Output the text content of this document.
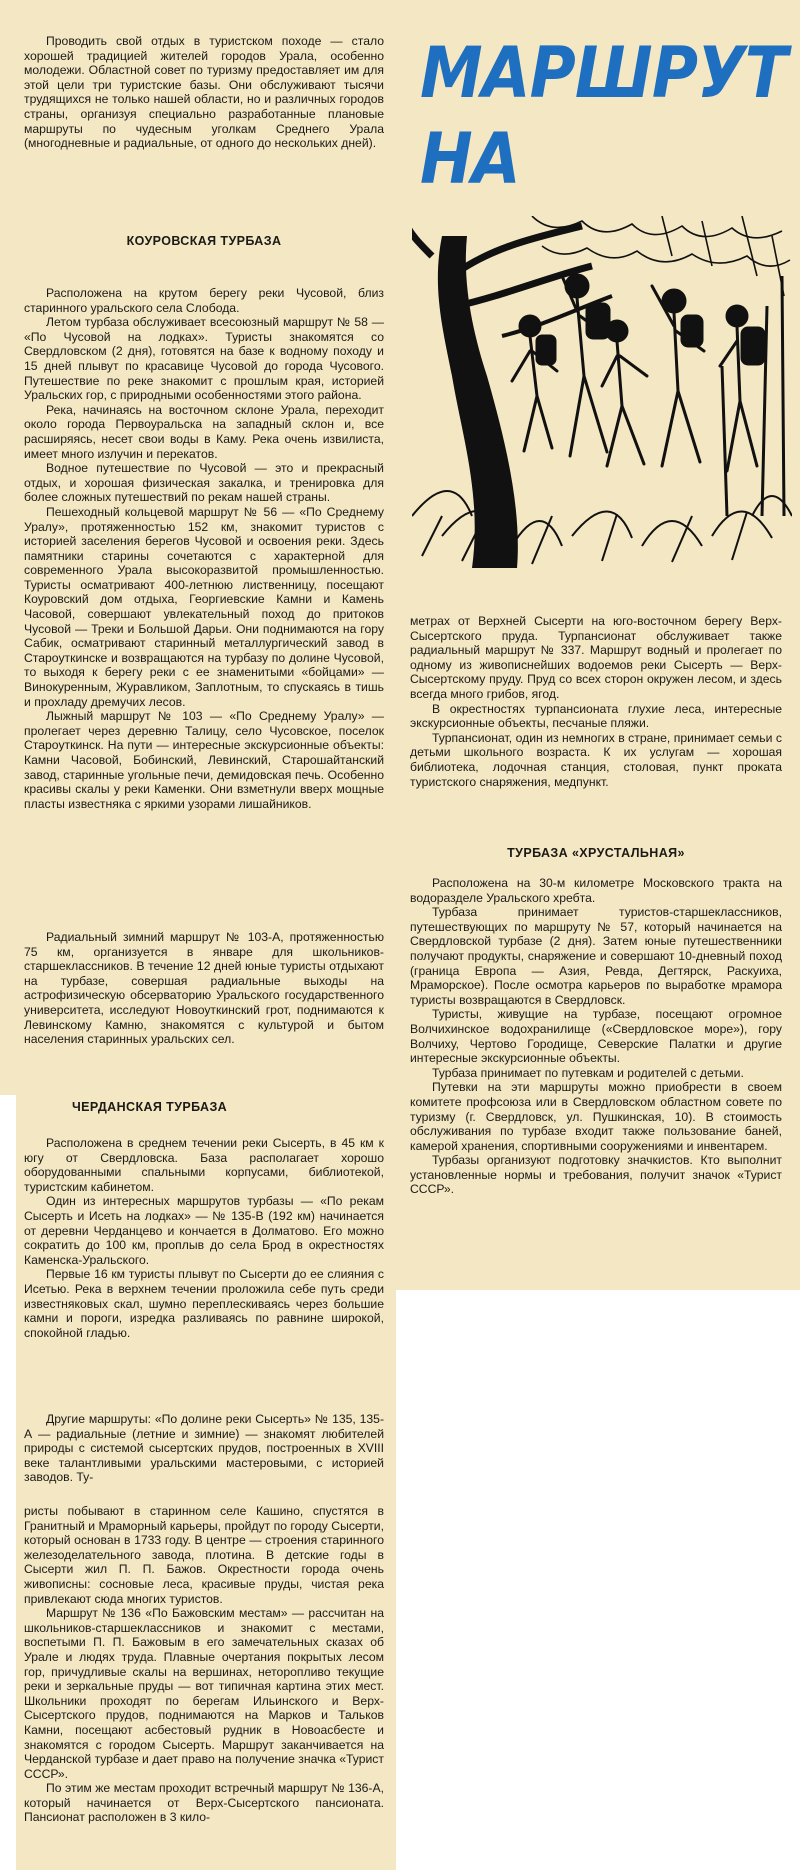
МАРШРУТ
НА

Проводить свой отдых в туристском походе — стало хорошей традицией жителей городов Урала, особенно молодежи. Областной совет по туризму предоставляет им для этой цели три туристские базы. Они обслуживают тысячи трудящихся не только нашей области, но и различных городов страны, организуя специально разработанные плановые маршруты по чудесным уголкам Среднего Урала (многодневные и радиальные, от одного до нескольких дней).

КОУРОВСКАЯ ТУРБАЗА

Расположена на крутом берегу реки Чусовой, близ старинного уральского села Слобода.

Летом турбаза обслуживает всесоюзный маршрут № 58 — «По Чусовой на лодках». Туристы знакомятся со Свердловском (2 дня), готовятся на базе к водному походу и 15 дней плывут по красавице Чусовой до города Чусового. Путешествие по реке знакомит с прошлым края, историей Уральских гор, с природными особенностями этого района.

Река, начинаясь на восточном склоне Урала, переходит около города Первоуральска на западный склон и, все расширяясь, несет свои воды в Каму. Река очень извилиста, имеет много излучин и перекатов.

Водное путешествие по Чусовой — это и прекрасный отдых, и хорошая физическая закалка, и тренировка для более сложных путешествий по рекам нашей страны.

Пешеходный кольцевой маршрут № 56 — «По Среднему Уралу», протяженностью 152 км, знакомит туристов с историей заселения берегов Чусовой и освоения реки. Здесь памятники старины сочетаются с характерной для современного Урала высокоразвитой промышленностью. Туристы осматривают 400-летнюю лиственницу, посещают Коуровский дом отдыха, Георгиевские Камни и Камень Часовой, совершают увлекательный поход до притоков Чусовой — Треки и Большой Дарьи. Они поднимаются на гору Сабик, осматривают старинный металлургический завод в Староуткинске и возвращаются на турбазу по долине Чусовой, то выходя к берегу реки с ее знаменитыми «бойцами» — Винокуренным, Журавликом, Заплотным, то спускаясь в тишь и прохладу дремучих лесов.

Лыжный маршрут № 103 — «По Среднему Уралу» — пролегает через деревню Талицу, село Чусовское, поселок Староуткинск. На пути — интересные экскурсионные объекты: Камни Часовой, Бобинский, Левинский, Старошайтанский завод, старинные угольные печи, демидовская печь. Особенно красивы скалы у реки Каменки. Они взметнули вверх мощные пласты известняка с яркими узорами лишайников.

Радиальный зимний маршрут № 103-А, протяженностью 75 км, организуется в январе для школьников-старшеклассников. В течение 12 дней юные туристы отдыхают на турбазе, совершая радиальные выходы на астрофизическую обсерваторию Уральского государственного университета, исследуют Новоуткинский грот, поднимаются к Левинскому Камню, знакомятся с культурой и бытом населения старинных уральских сел.

ЧЕРДАНСКАЯ ТУРБАЗА

Расположена в среднем течении реки Сысерть, в 45 км к югу от Свердловска. База располагает хорошо оборудованными спальными корпусами, библиотекой, туристским кабинетом.

Один из интересных маршрутов турбазы — «По рекам Сысерть и Исеть на лодках» — № 135-В (192 км) начинается от деревни Черданцево и кончается в Долматово. Его можно сократить до 100 км, проплыв до села Брод в окрестностях Каменска-Уральского.

Первые 16 км туристы плывут по Сысерти до ее слияния с Исетью. Река в верхнем течении проложила себе путь среди известняковых скал, шумно переплескиваясь через большие камни и пороги, изредка разливаясь по равнине широкой, спокойной гладью.

Другие маршруты: «По долине реки Сысерть» № 135, 135-А — радиальные (летние и зимние) — знакомят любителей природы с системой сысертских прудов, построенных в XVIII веке талантливыми уральскими мастеровыми, с историей заводов. Ту-

ристы побывают в старинном селе Кашино, спустятся в Гранитный и Мраморный карьеры, пройдут по городу Сысерти, который основан в 1733 году. В центре — строения старинного железоделательного завода, плотина. В детские годы в Сысерти жил П. П. Бажов. Окрестности города очень живописны: сосновые леса, красивые пруды, чистая река привлекают сюда многих туристов.

Маршрут № 136 «По Бажовским местам» — рассчитан на школьников-старшеклассников и знакомит с местами, воспетыми П. П. Бажовым в его замечательных сказах об Урале и людях труда. Плавные очертания покрытых лесом гор, причудливые скалы на вершинах, неторопливо текущие реки и зеркальные пруды — вот типичная картина этих мест. Школьники проходят по берегам Ильинского и Верх-Сысертского прудов, поднимаются на Марков и Тальков Камни, посещают асбестовый рудник в Новоасбесте и знакомятся с городом Сысерть. Маршрут заканчивается на Черданской турбазе и дает право на получение значка «Турист СССР».

По этим же местам проходит встречный маршрут № 136-А, который начинается от Верх-Сысертского пансионата. Пансионат расположен в 3 кило-

метрах от Верхней Сысерти на юго-восточном берегу Верх-Сысертского пруда. Турпансионат обслуживает также радиальный маршрут № 337. Маршрут водный и пролегает по одному из живописнейших водоемов реки Сысерть — Верх-Сысертскому пруду. Пруд со всех сторон окружен лесом, и здесь всегда много грибов, ягод.

В окрестностях турпансионата глухие леса, интересные экскурсионные объекты, песчаные пляжи.

Турпансионат, один из немногих в стране, принимает семьи с детьми школьного возраста. К их услугам — хорошая библиотека, лодочная станция, столовая, пункт проката туристского снаряжения, медпункт.

ТУРБАЗА «ХРУСТАЛЬНАЯ»

Расположена на 30-м километре Московского тракта на водоразделе Уральского хребта.

Турбаза принимает туристов-старшеклассников, путешествующих по маршруту № 57, который начинается на Свердловской турбазе (2 дня). Затем юные путешественники получают продукты, снаряжение и совершают 10-дневный поход (граница Европа — Азия, Ревда, Дегтярск, Раскуиха, Мраморское). После осмотра карьеров по выработке мрамора туристы возвращаются в Свердловск.

Туристы, живущие на турбазе, посещают огромное Волчихинское водохранилище («Свердловское море»), гору Волчиху, Чертово Городище, Северские Палатки и другие интересные экскурсионные объекты.

Турбаза принимает по путевкам и родителей с детьми.

Путевки на эти маршруты можно приобрести в своем комитете профсоюза или в Свердловском областном совете по туризму (г. Свердловск, ул. Пушкинская, 10). В стоимость обслуживания по турбазе входит также пользование баней, камерой хранения, спортивными сооружениями и инвентарем.

Турбазы организуют подготовку значкистов. Кто выполнит установленные нормы и требования, получит значок «Турист СССР».
